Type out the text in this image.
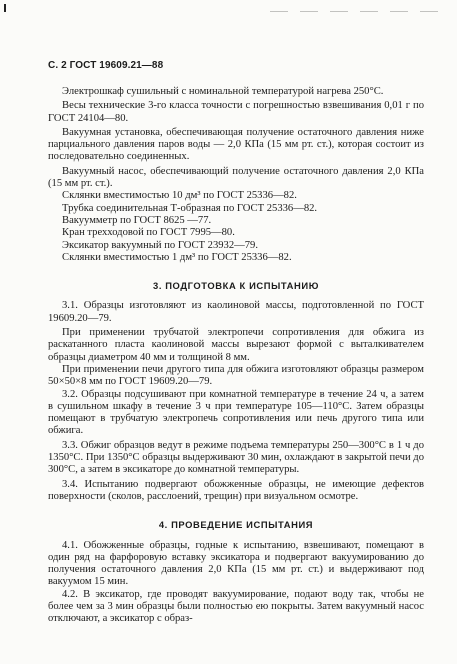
С. 2 ГОСТ 19609.21—88

Электрошкаф сушильный с номинальной температурой нагрева 250°С.

Весы технические 3-го класса точности с погрешностью взвешивания 0,01 г по ГОСТ 24104—80.

Вакуумная установка, обеспечивающая получение остаточного давления ниже парциального давления паров воды — 2,0 КПа (15 мм рт. ст.), которая состоит из последовательно соединенных.

Вакуумный насос, обеспечивающий получение остаточного давления 2,0 КПа (15 мм рт. ст.).

Склянки вместимостью 10 дм³ по ГОСТ 25336—82.

Трубка соединительная Т-образная по ГОСТ 25336—82.

Вакуумметр по ГОСТ 8625 —77.

Кран трехходовой по ГОСТ 7995—80.

Эксикатор вакуумный по ГОСТ 23932—79.

Склянки вместимостью 1 дм³ по ГОСТ 25336—82.

3. ПОДГОТОВКА К ИСПЫТАНИЮ

3.1. Образцы изготовляют из каолиновой массы, подготовленной по ГОСТ 19609.20—79.

При применении трубчатой электропечи сопротивления для обжига из раскатанного пласта каолиновой массы вырезают формой с выталкивателем образцы диаметром 40 мм и толщиной 8 мм.

При применении печи другого типа для обжига изготовляют образцы размером 50×50×8 мм по ГОСТ 19609.20—79.

3.2. Образцы подсушивают при комнатной температуре в течение 24 ч, а затем в сушильном шкафу в течение 3 ч при температуре 105—110°С. Затем образцы помещают в трубчатую электропечь сопротивления или печь другого типа или обжига.

3.3. Обжиг образцов ведут в режиме подъема температуры 250—300°С в 1 ч до 1350°С. При 1350°С образцы выдерживают 30 мин, охлаждают в закрытой печи до 300°С, а затем в эксикаторе до комнатной температуры.

3.4. Испытанию подвергают обожженные образцы, не имеющие дефектов поверхности (сколов, расслоений, трещин) при визуальном осмотре.

4. ПРОВЕДЕНИЕ ИСПЫТАНИЯ

4.1. Обожженные образцы, годные к испытанию, взвешивают, помещают в один ряд на фарфоровую вставку эксикатора и подвергают вакуумированию до получения остаточного давления 2,0 КПа (15 мм рт. ст.) и выдерживают под вакуумом 15 мин.

4.2. В эксикатор, где проводят вакуумирование, подают воду так, чтобы не более чем за 3 мин образцы были полностью ею покрыты. Затем вакуумный насос отключают, а эксикатор с образ-
